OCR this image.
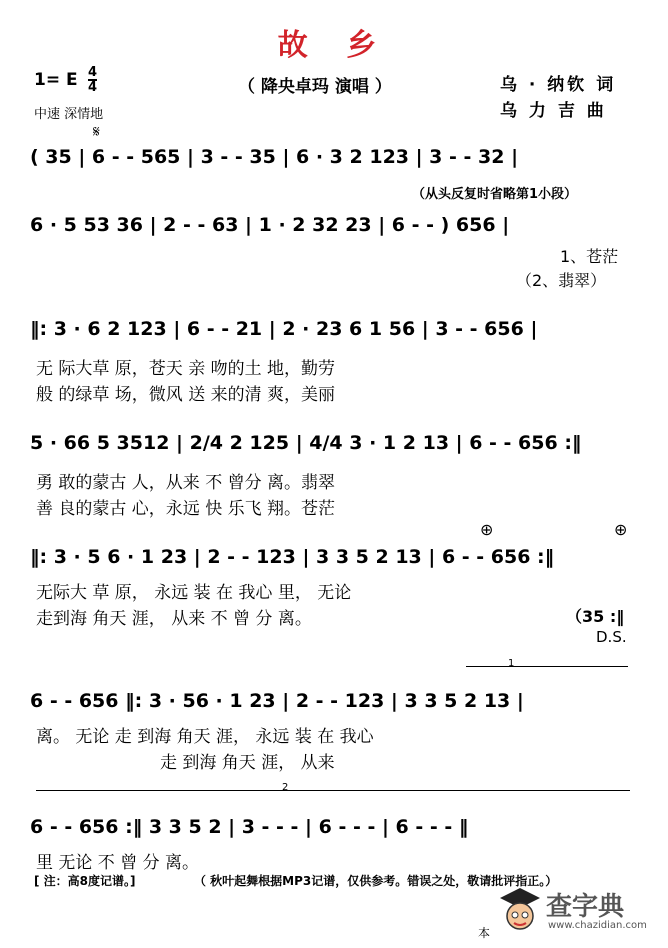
故 乡
1= E $\frac{4}{4}$
中速 深情地
（ 降央卓玛 演唱 ）	乌 · 纳钦 词
乌 力 吉 曲
𝄋
( 35 | 6 - - 565 | 3 - - 35 | 6 · 3 2 123 | 3 - - 32 |
（从头反复时省略第1小段）
6 · 5 53 36 | 2 - - 63 | 1 · 2 32 23 | 6 - - ) 656 |
1、苍茫
（2、翡翠）
‖: 3 · 6 2 123 | 6 - - 21 | 2 · 23 6 1 56 | 3 - - 656 |
无 际大草 原，苍天 亲 吻的土 地，勤劳
般 的绿草 场，微风 送 来的清 爽，美丽
5 · 66 5 3512 | 2/4 2 125 | 4/4 3 · 1 2 13 | 6 - - 656 :‖
勇 敢的蒙古 人，从来 不 曾分 离。翡翠
善 良的蒙古 心，永远 快 乐飞 翔。苍茫
⊕	⊕
‖: 3 · 5 6 · 1 23 | 2 - - 123 | 3 3 5 2 13 | 6 - - 656 :‖
无际大 草 原， 永远 装 在 我心 里， 无论
走到海 角天 涯， 从来 不 曾 分 离。	（35 :‖
D.S.
1
6 - - 656 ‖: 3 · 56 · 1 23 | 2 - - 123 | 3 3 5 2 13 |
离。 无论 走 到海 角天 涯， 永远 装 在 我心
走 到海 角天 涯， 从来
2
6 - - 656 :‖ 3 3 5 2 | 3 - - - | 6 - - - | 6 - - - ‖
里 无论 不 曾 分 离。
[ 注：高8度记谱。]	（ 秋叶起舞根据MP3记谱，仅供参考。错误之处，敬请批评指正。）
本
查字典
www.chazidian.com
